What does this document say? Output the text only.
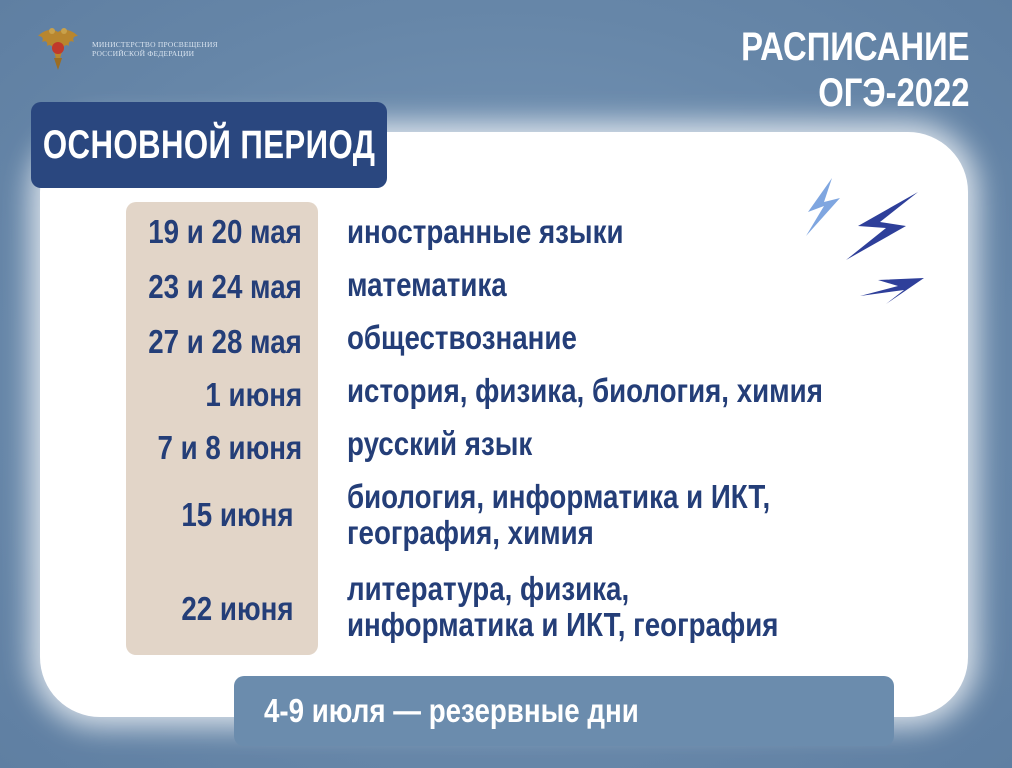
МИНИСТЕРСТВО ПРОСВЕЩЕНИЯ
РОССИЙСКОЙ ФЕДЕРАЦИИ	РАСПИСАНИЕ
ОГЭ-2022
ОСНОВНОЙ ПЕРИОД
19 и 20 мая иностранные языки
23 и 24 мая математика
27 и 28 мая обществознание
1 июня история, физика, биология, химия
7 и 8 июня русский язык
15 июня биология, информатика и ИКТ,
география, химия
22 июня
литература, физика,
информатика и ИКТ, география
4-9 июля — резервные дни
